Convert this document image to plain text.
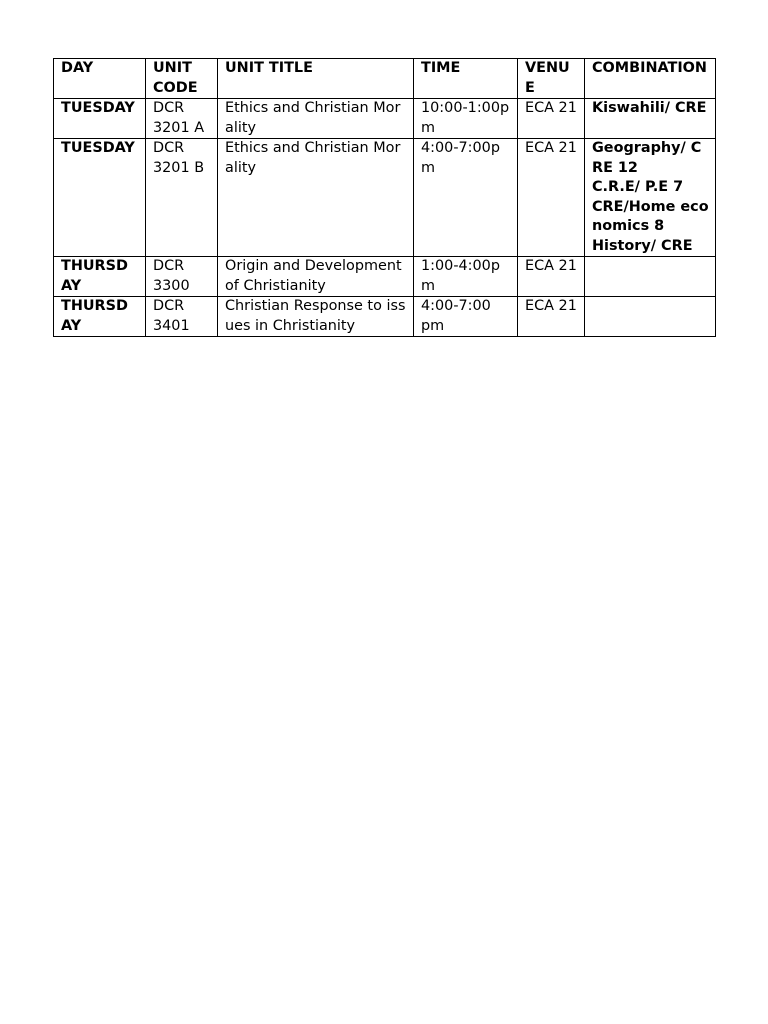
DAY	UNIT CODE	UNIT TITLE	TIME	VENUE	COMBINATION
TUESDAY	DCR 3201 A	Ethics and Christian Morality	10:00-1:00pm	ECA 21	Kiswahili/ CRE

TUESDAY	DCR 3201 B	Ethics and Christian Morality	4:00-7:00pm	ECA 21	Geography/ CRE 12
C.R.E/ P.E 7
CRE/Home economics 8
History/ CRE

THURSDAY	DCR 3300	Origin and Development of Christianity	1:00-4:00pm	ECA 21	
THURSDAY	DCR 3401	Christian Response to issues in Christianity	4:00-7:00 pm	ECA 21	
